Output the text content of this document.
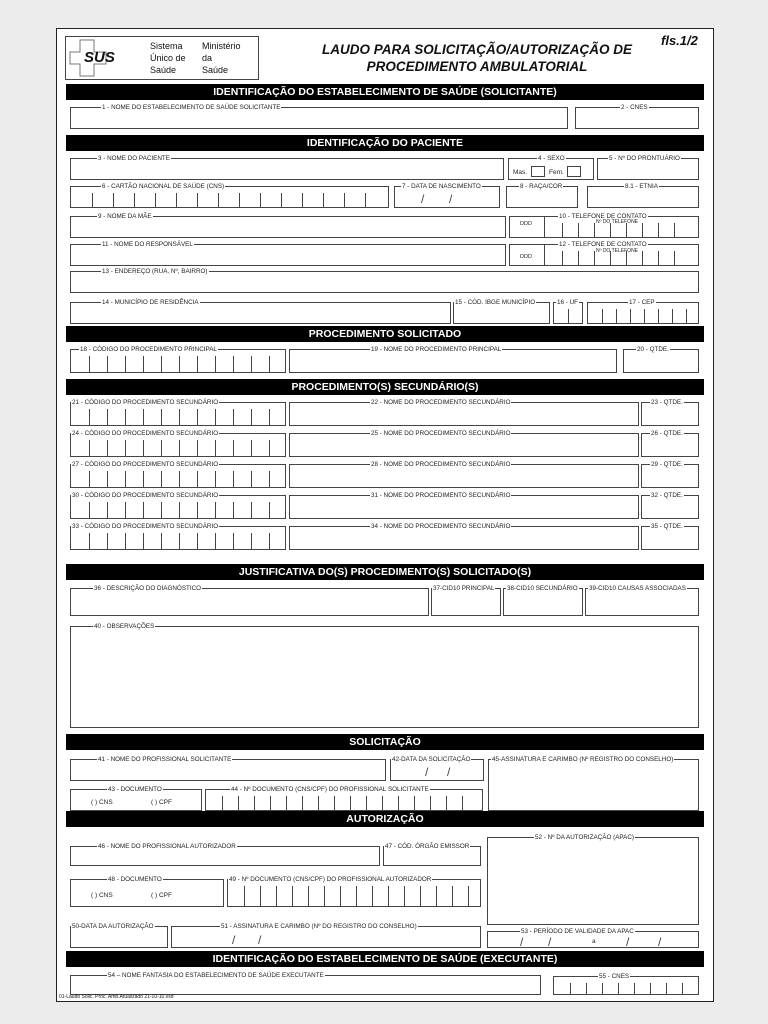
SUS
Sistema
Único de
Saúde
Ministério
da
Saúde
LAUDO PARA SOLICITAÇÃO/AUTORIZAÇÃO DE
PROCEDIMENTO AMBULATORIAL
fls.1/2
IDENTIFICAÇÃO DO ESTABELECIMENTO DE SAÚDE (SOLICITANTE)
1 - NOME DO ESTABELECIMENTO DE SAÚDE SOLICITANTE	2 - CNES
IDENTIFICAÇÃO DO PACIENTE
3 - NOME DO PACIENTE	4 - SEXO
Mas.	Fem.
5 - Nº DO PRONTUÁRIO
6 - CARTÃO NACIONAL DE SAÚDE (CNS)	7 - DATA DE NASCIMENTO
/ /
8 - RAÇA/COR	8.1 - ETNIA
9 - NOME DA MÃE	10 - TELEFONE DE CONTATO
DDD	Nº DO TELEFONE
11 - NOME DO RESPONSÁVEL	12 - TELEFONE DE CONTATO
DDD
Nº DO TELEFONE
13 - ENDEREÇO (RUA, Nº, BAIRRO)
14 - MUNICÍPIO DE RESIDÊNCIA	15 - CÓD. IBGE MUNICÍPIO	16 - UF	17 - CEP
PROCEDIMENTO SOLICITADO
18 - CÓDIGO DO PROCEDIMENTO PRINCIPAL	19 - NOME DO PROCEDIMENTO PRINCIPAL	20 - QTDE.
PROCEDIMENTO(S) SECUNDÁRIO(S)
21 - CÓDIGO DO PROCEDIMENTO SECUNDÁRIO	22 - NOME DO PROCEDIMENTO SECUNDÁRIO	23 - QTDE.
24 - CÓDIGO DO PROCEDIMENTO SECUNDÁRIO	25 - NOME DO PROCEDIMENTO SECUNDÁRIO	26 - QTDE.
27 - CÓDIGO DO PROCEDIMENTO SECUNDÁRIO	28 - NOME DO PROCEDIMENTO SECUNDÁRIO	29 - QTDE.
30 - CÓDIGO DO PROCEDIMENTO SECUNDÁRIO	31 - NOME DO PROCEDIMENTO SECUNDÁRIO	32 - QTDE.
33 - CÓDIGO DO PROCEDIMENTO SECUNDÁRIO	34 - NOME DO PROCEDIMENTO SECUNDÁRIO	35 - QTDE.
JUSTIFICATIVA DO(S) PROCEDIMENTO(S) SOLICITADO(S)
36 - DESCRIÇÃO DO DIAGNÓSTICO	37-CID10 PRINCIPAL 38-CID10 SECUNDÁRIO 39-CID10 CAUSAS ASSOCIADAS
40 - OBSERVAÇÕES
SOLICITAÇÃO
41 - NOME DO PROFISSIONAL SOLICITANTE	42-DATA DA SOLICITAÇÃO
/ /
45-ASSINATURA E CARIMBO (Nº REGISTRO DO CONSELHO)
43 - DOCUMENTO
( ) CNS	( ) CPF
44 - Nº DOCUMENTO (CNS/CPF) DO PROFISSIONAL SOLICITANTE
AUTORIZAÇÃO
46 - NOME DO PROFISSIONAL AUTORIZADOR	47 - CÓD. ÓRGÃO EMISSOR
52 - Nº DA AUTORIZAÇÃO (APAC)
48 - DOCUMENTO
( ) CNS	( ) CPF
49 - Nº DOCUMENTO (CNS/CPF) DO PROFISSIONAL AUTORIZADOR
50-DATA DA AUTORIZAÇÃO	51 - ASSINATURA E CARIMBO (Nº DO REGISTRO DO CONSELHO)
/ /
53 - PERÍODO DE VALIDADE DA APAC
/ /	a	/ /
IDENTIFICAÇÃO DO ESTABELECIMENTO DE SAÚDE (EXECUTANTE)
54 – NOME FANTASIA DO ESTABELECIMENTO DE SAÚDE EXECUTANTE	55 - CNES
01-Laudo Solic. Proc. Amb.Atualizado 21-10-10.vsd
